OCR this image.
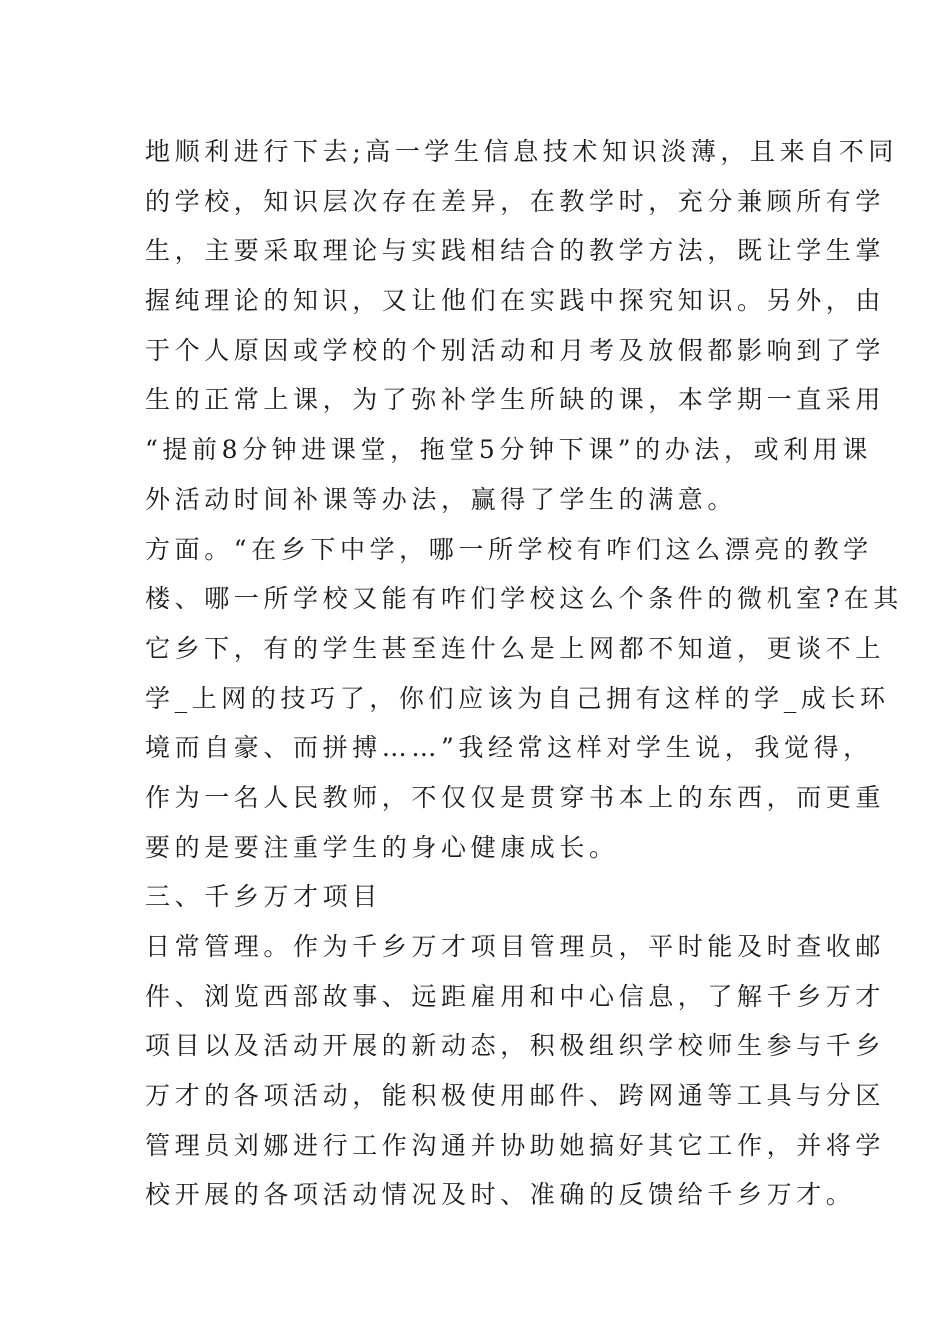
地顺利进行下去;高一学生信息技术知识淡薄，且来自不同
的学校，知识层次存在差异，在教学时，充分兼顾所有学
生，主要采取理论与实践相结合的教学方法，既让学生掌
握纯理论的知识，又让他们在实践中探究知识。另外，由
于个人原因或学校的个别活动和月考及放假都影响到了学
生的正常上课，为了弥补学生所缺的课，本学期一直采用
“提前8分钟进课堂，拖堂5分钟下课”的办法，或利用课
外活动时间补课等办法，赢得了学生的满意。
方面。“在乡下中学，哪一所学校有咋们这么漂亮的教学
楼、哪一所学校又能有咋们学校这么个条件的微机室?在其
它乡下，有的学生甚至连什么是上网都不知道，更谈不上
学_上网的技巧了，你们应该为自己拥有这样的学_成长环
境而自豪、而拼搏……”我经常这样对学生说，我觉得，
作为一名人民教师，不仅仅是贯穿书本上的东西，而更重
要的是要注重学生的身心健康成长。
三、千乡万才项目
日常管理。作为千乡万才项目管理员，平时能及时查收邮
件、浏览西部故事、远距雇用和中心信息，了解千乡万才
项目以及活动开展的新动态，积极组织学校师生参与千乡
万才的各项活动，能积极使用邮件、跨网通等工具与分区
管理员刘娜进行工作沟通并协助她搞好其它工作，并将学
校开展的各项活动情况及时、准确的反馈给千乡万才。
